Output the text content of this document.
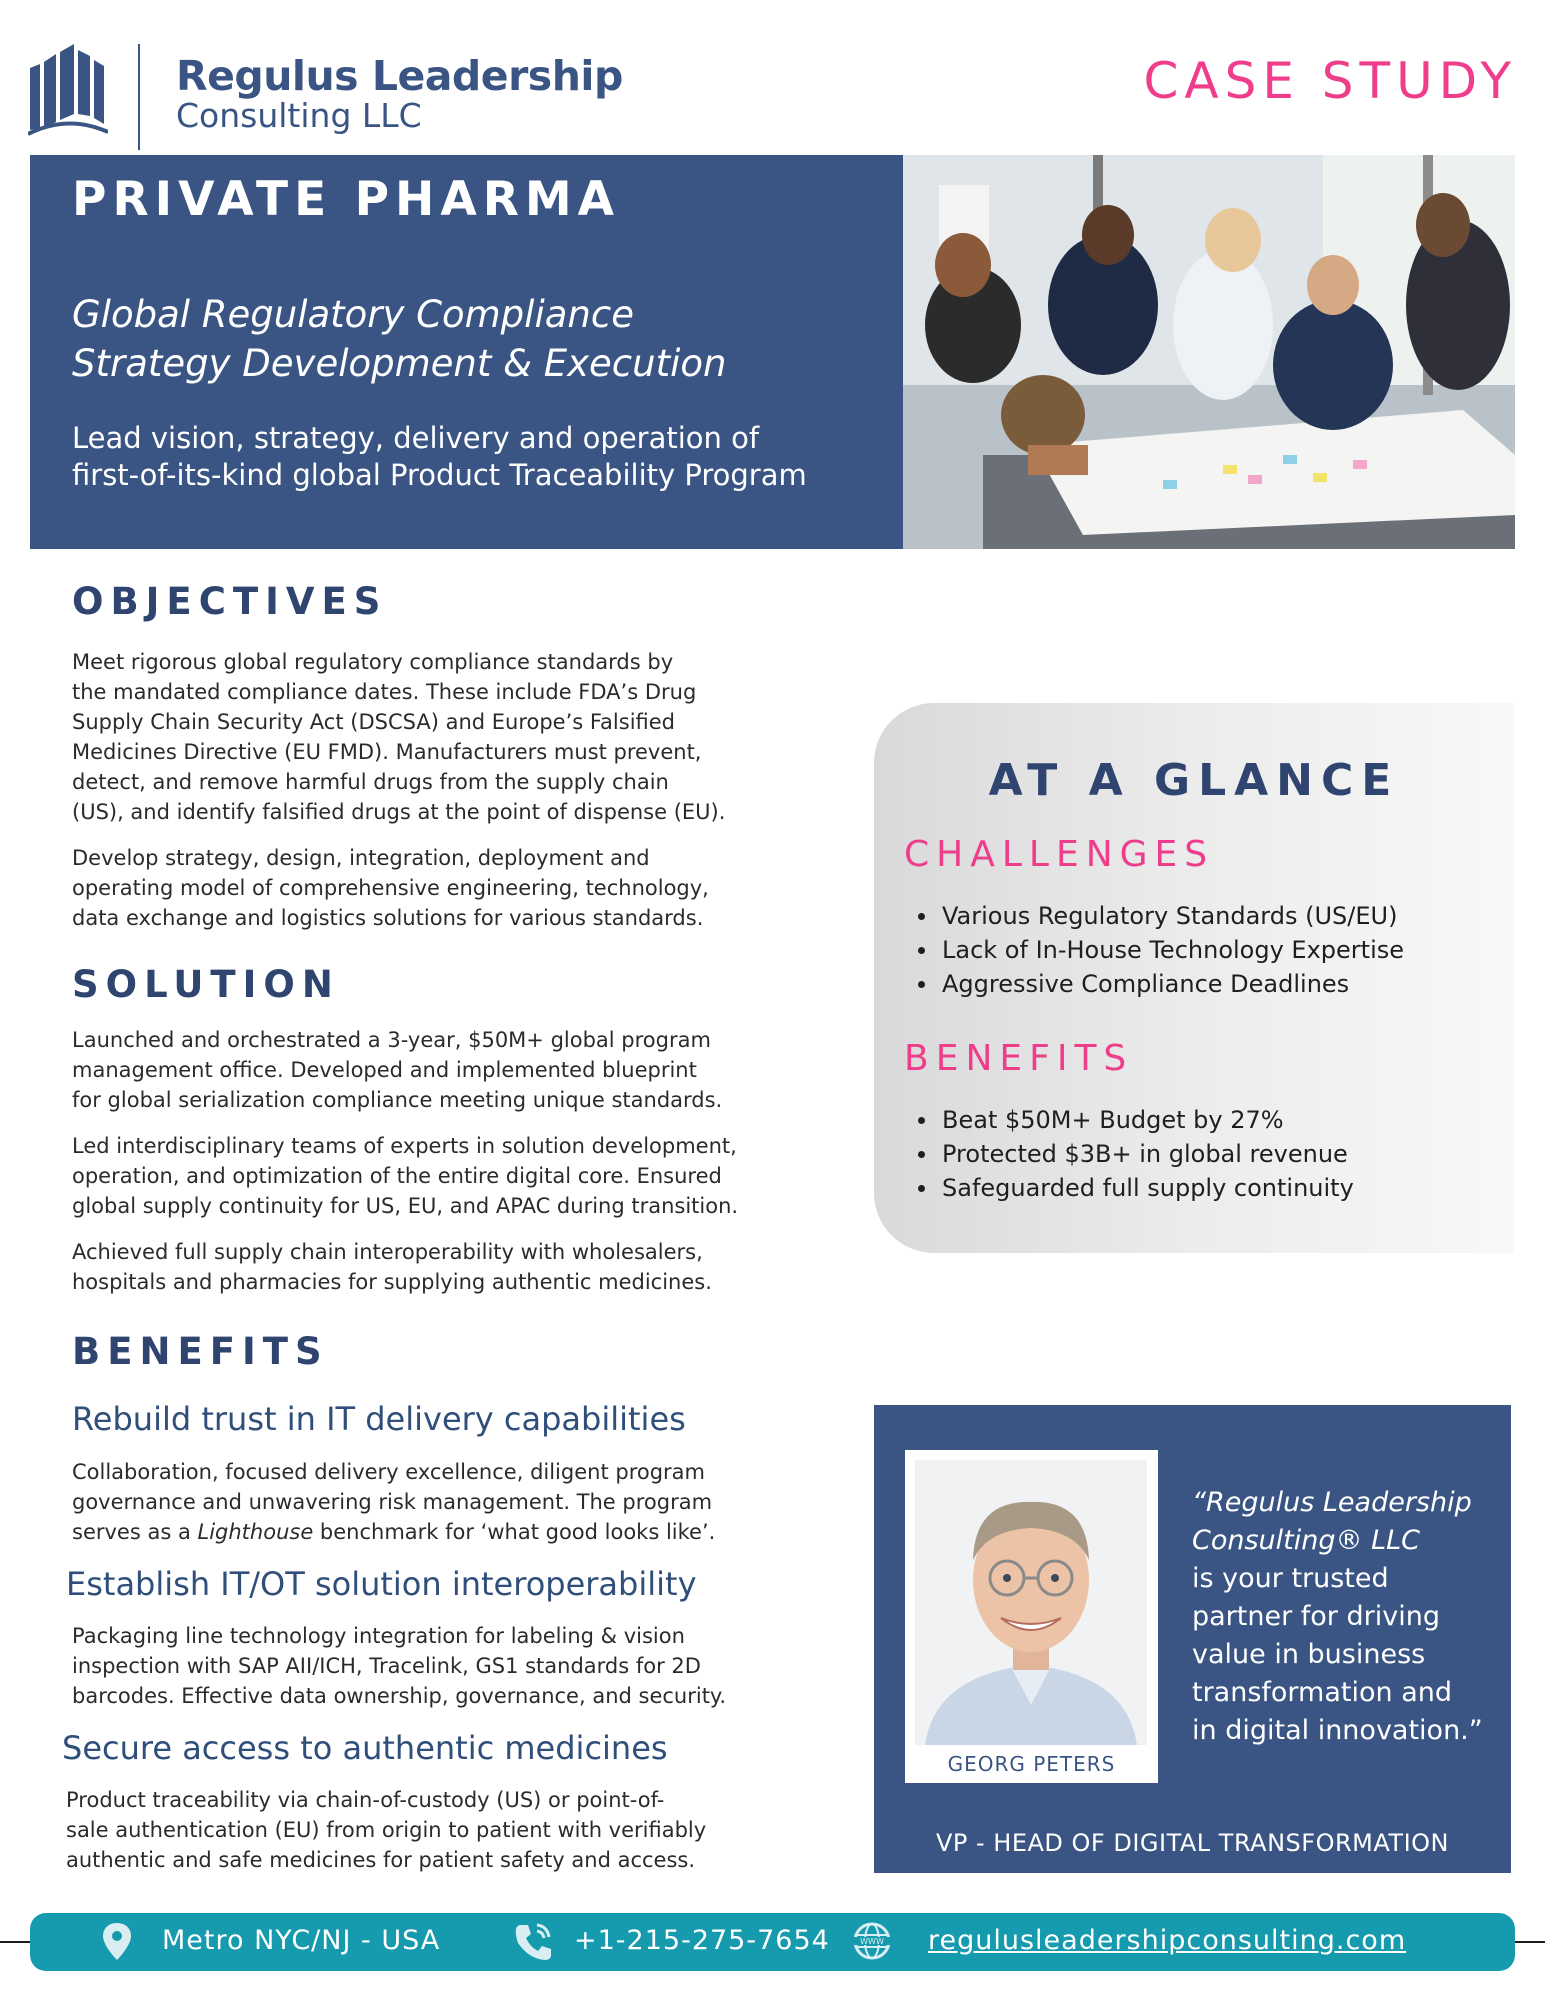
Regulus Leadership
Consulting LLC
CASE STUDY
PRIVATE PHARMA
Global Regulatory Compliance
Strategy Development & Execution
Lead vision, strategy, delivery and operation of
first-of-its-kind global Product Traceability Program
OBJECTIVES
Meet rigorous global regulatory compliance standards by
the mandated compliance dates. These include FDA’s Drug
Supply Chain Security Act (DSCSA) and Europe’s Falsified
Medicines Directive (EU FMD). Manufacturers must prevent,
detect, and remove harmful drugs from the supply chain
(US), and identify falsified drugs at the point of dispense (EU).
Develop strategy, design, integration, deployment and
operating model of comprehensive engineering, technology,
data exchange and logistics solutions for various standards.
SOLUTION
Launched and orchestrated a 3-year, $50M+ global program
management office. Developed and implemented blueprint
for global serialization compliance meeting unique standards.
Led interdisciplinary teams of experts in solution development,
operation, and optimization of the entire digital core. Ensured
global supply continuity for US, EU, and APAC during transition.
Achieved full supply chain interoperability with wholesalers,
hospitals and pharmacies for supplying authentic medicines.
BENEFITS
Rebuild trust in IT delivery capabilities
Collaboration, focused delivery excellence, diligent program
governance and unwavering risk management. The program
serves as a Lighthouse benchmark for ‘what good looks like’.
Establish IT/OT solution interoperability
Packaging line technology integration for labeling & vision
inspection with SAP AII/ICH, Tracelink, GS1 standards for 2D
barcodes. Effective data ownership, governance, and security.
Secure access to authentic medicines
Product traceability via chain-of-custody (US) or point-of-
sale authentication (EU) from origin to patient with verifiably
authentic and safe medicines for patient safety and access.
AT A GLANCE
CHALLENGES
Various Regulatory Standards (US/EU)
Lack of In-House Technology Expertise
Aggressive Compliance Deadlines
BENEFITS
Beat $50M+ Budget by 27%
Protected $3B+ in global revenue
Safeguarded full supply continuity
GEORG PETERS
“Regulus Leadership
Consulting® LLC
is your trusted
partner for driving
value in business
transformation and
in digital innovation.”
VP - HEAD OF DIGITAL TRANSFORMATION
Metro NYC/NJ - USA	+1-215-275-7654	WWW regulusleadershipconsulting.com
